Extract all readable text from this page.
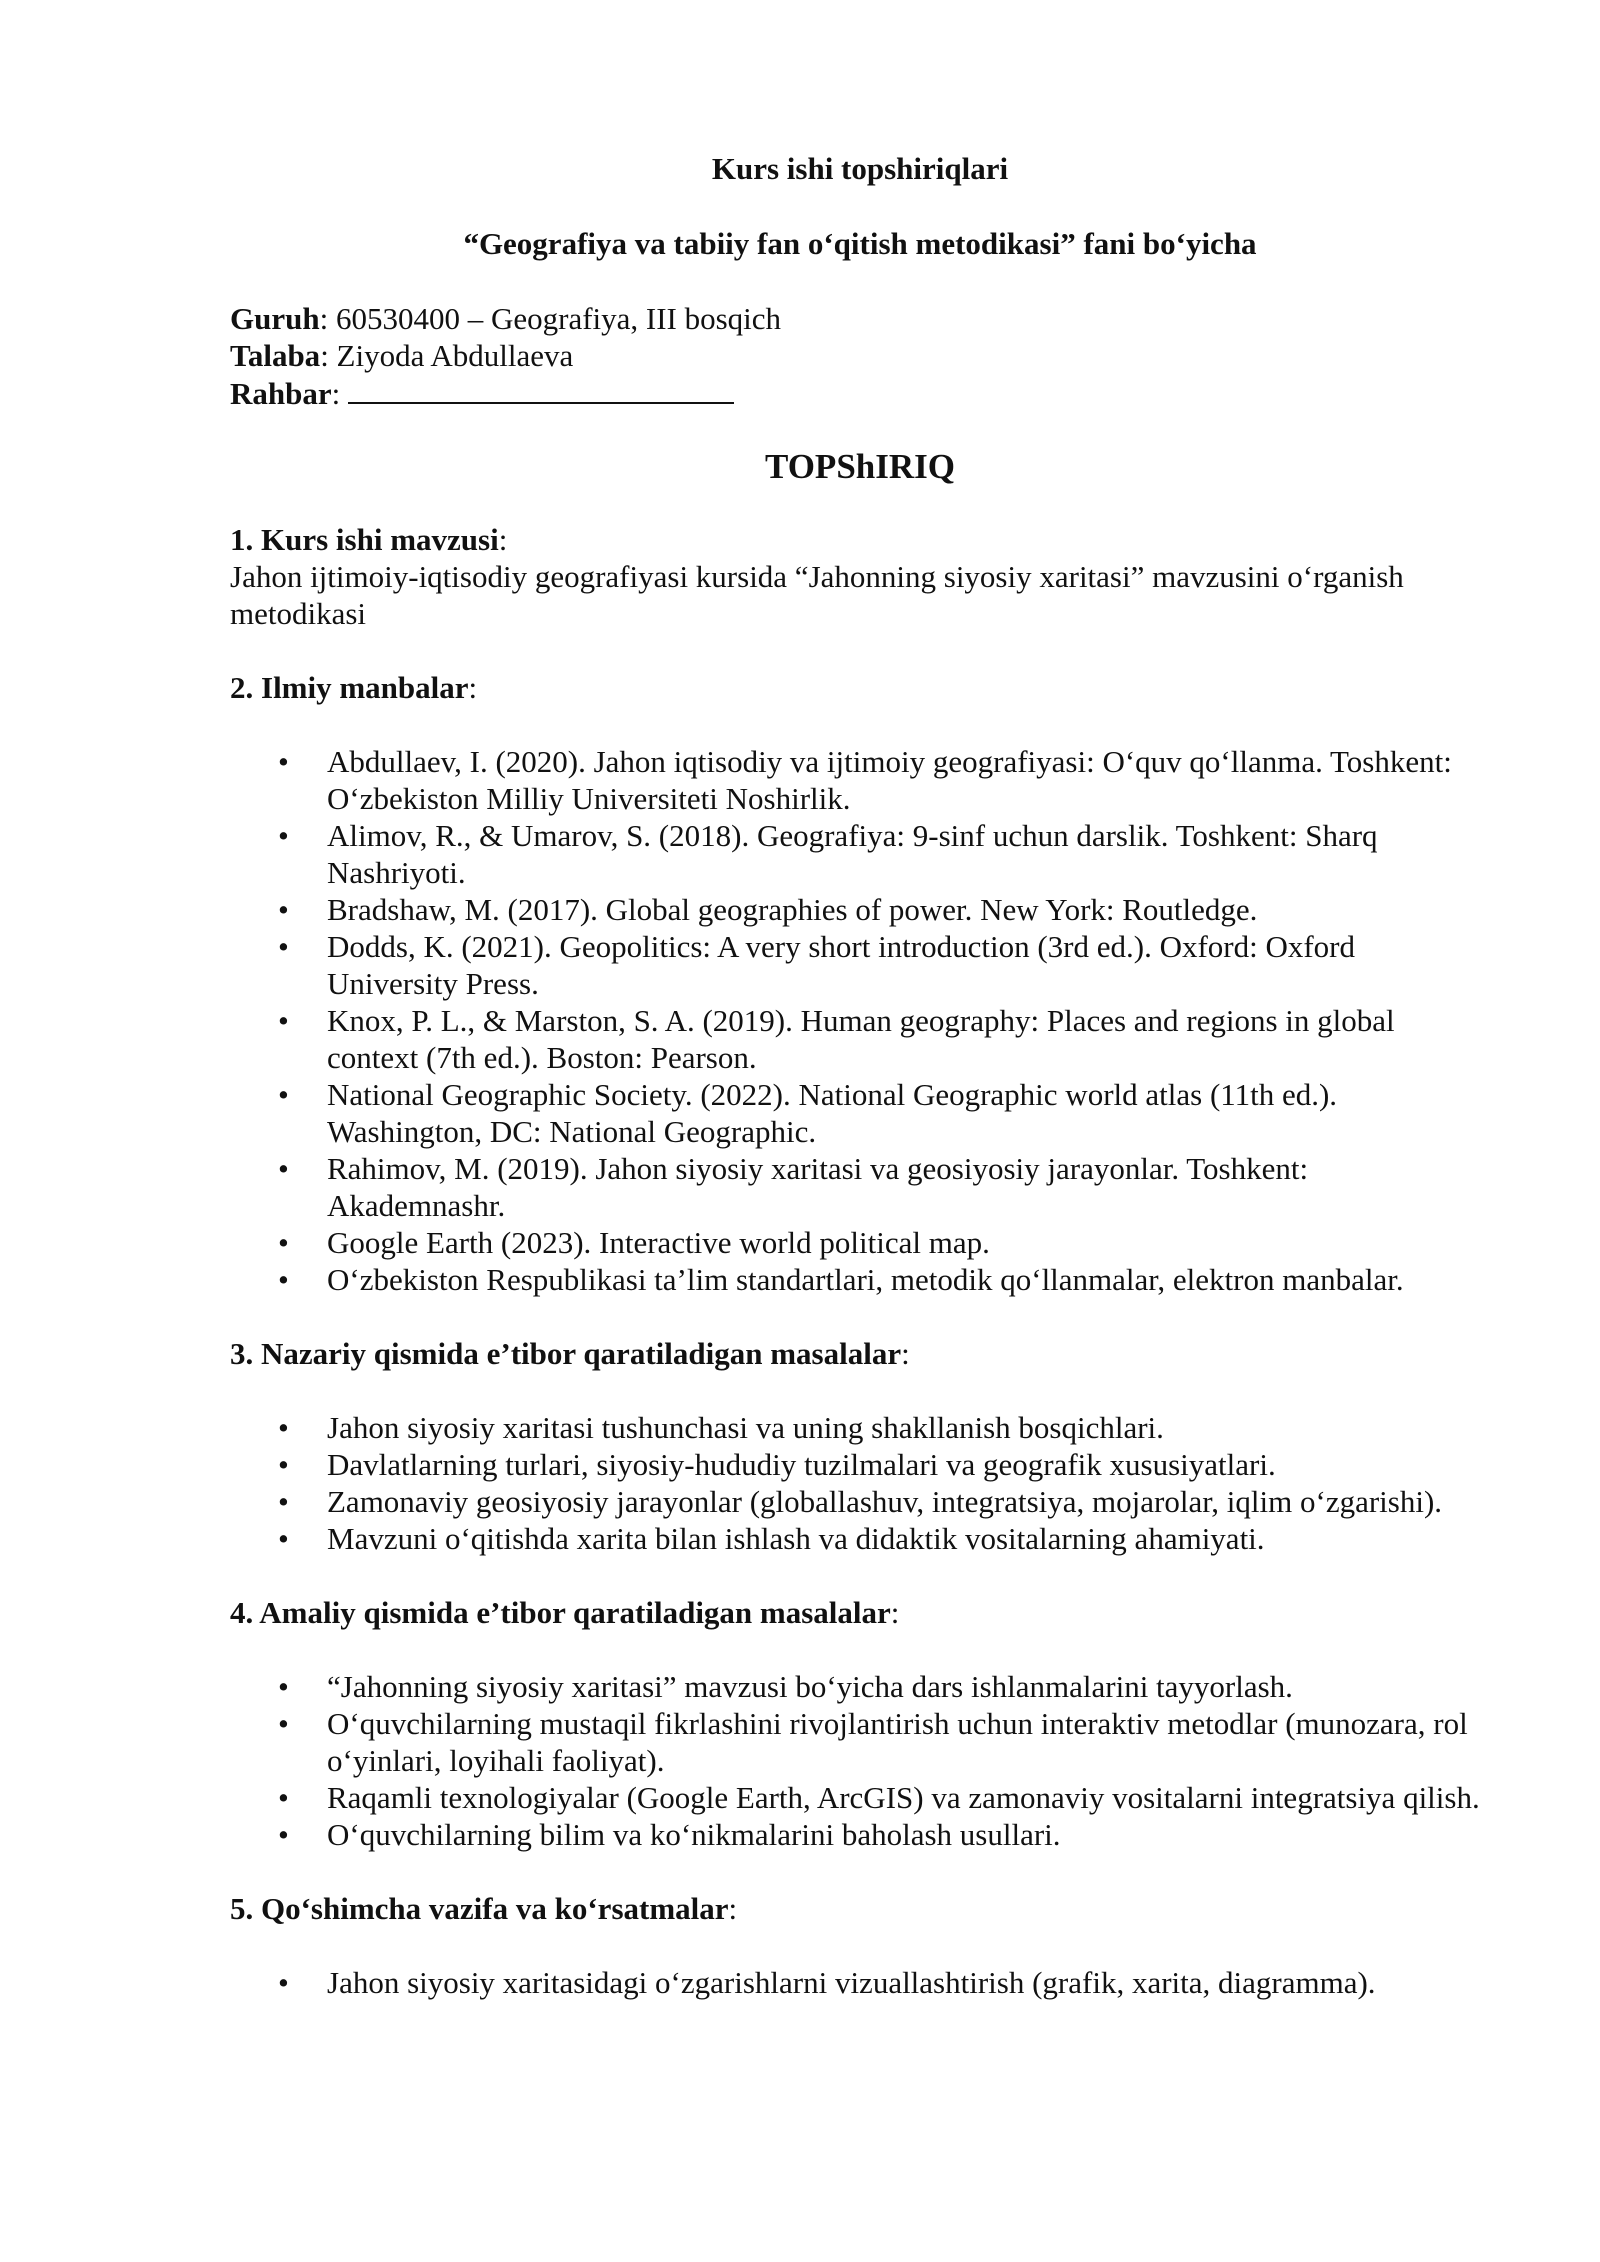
Kurs ishi topshiriqlari

“Geografiya va tabiiy fan o‘qitish metodikasi” fani bo‘yicha

Guruh: 60530400 – Geografiya, III bosqich

Talaba: Ziyoda Abdullaeva

Rahbar:

TOPShIRIQ

1. Kurs ishi mavzusi:

Jahon ijtimoiy-iqtisodiy geografiyasi kursida “Jahonning siyosiy xaritasi” mavzusini o‘rganish metodikasi

2. Ilmiy manbalar:

• Abdullaev, I. (2020). Jahon iqtisodiy va ijtimoiy geografiyasi: O‘quv qo‘llanma. Toshkent: O‘zbekiston Milliy Universiteti Noshirlik.
• Alimov, R., & Umarov, S. (2018). Geografiya: 9-sinf uchun darslik. Toshkent: Sharq Nashriyoti.
• Bradshaw, M. (2017). Global geographies of power. New York: Routledge.
• Dodds, K. (2021). Geopolitics: A very short introduction (3rd ed.). Oxford: Oxford University Press.
• Knox, P. L., & Marston, S. A. (2019). Human geography: Places and regions in global context (7th ed.). Boston: Pearson.
• National Geographic Society. (2022). National Geographic world atlas (11th ed.). Washington, DC: National Geographic.
• Rahimov, M. (2019). Jahon siyosiy xaritasi va geosiyosiy jarayonlar. Toshkent: Akademnashr.
• Google Earth (2023). Interactive world political map.
• O‘zbekiston Respublikasi ta’lim standartlari, metodik qo‘llanmalar, elektron manbalar.

3. Nazariy qismida e’tibor qaratiladigan masalalar:

• Jahon siyosiy xaritasi tushunchasi va uning shakllanish bosqichlari.
• Davlatlarning turlari, siyosiy-hududiy tuzilmalari va geografik xususiyatlari.
• Zamonaviy geosiyosiy jarayonlar (globallashuv, integratsiya, mojarolar, iqlim o‘zgarishi).
• Mavzuni o‘qitishda xarita bilan ishlash va didaktik vositalarning ahamiyati.

4. Amaliy qismida e’tibor qaratiladigan masalalar:

• “Jahonning siyosiy xaritasi” mavzusi bo‘yicha dars ishlanmalarini tayyorlash.
• O‘quvchilarning mustaqil fikrlashini rivojlantirish uchun interaktiv metodlar (munozara, rol o‘yinlari, loyihali faoliyat).
• Raqamli texnologiyalar (Google Earth, ArcGIS) va zamonaviy vositalarni integratsiya qilish.
• O‘quvchilarning bilim va ko‘nikmalarini baholash usullari.

5. Qo‘shimcha vazifa va ko‘rsatmalar:

• Jahon siyosiy xaritasidagi o‘zgarishlarni vizuallashtirish (grafik, xarita, diagramma).
